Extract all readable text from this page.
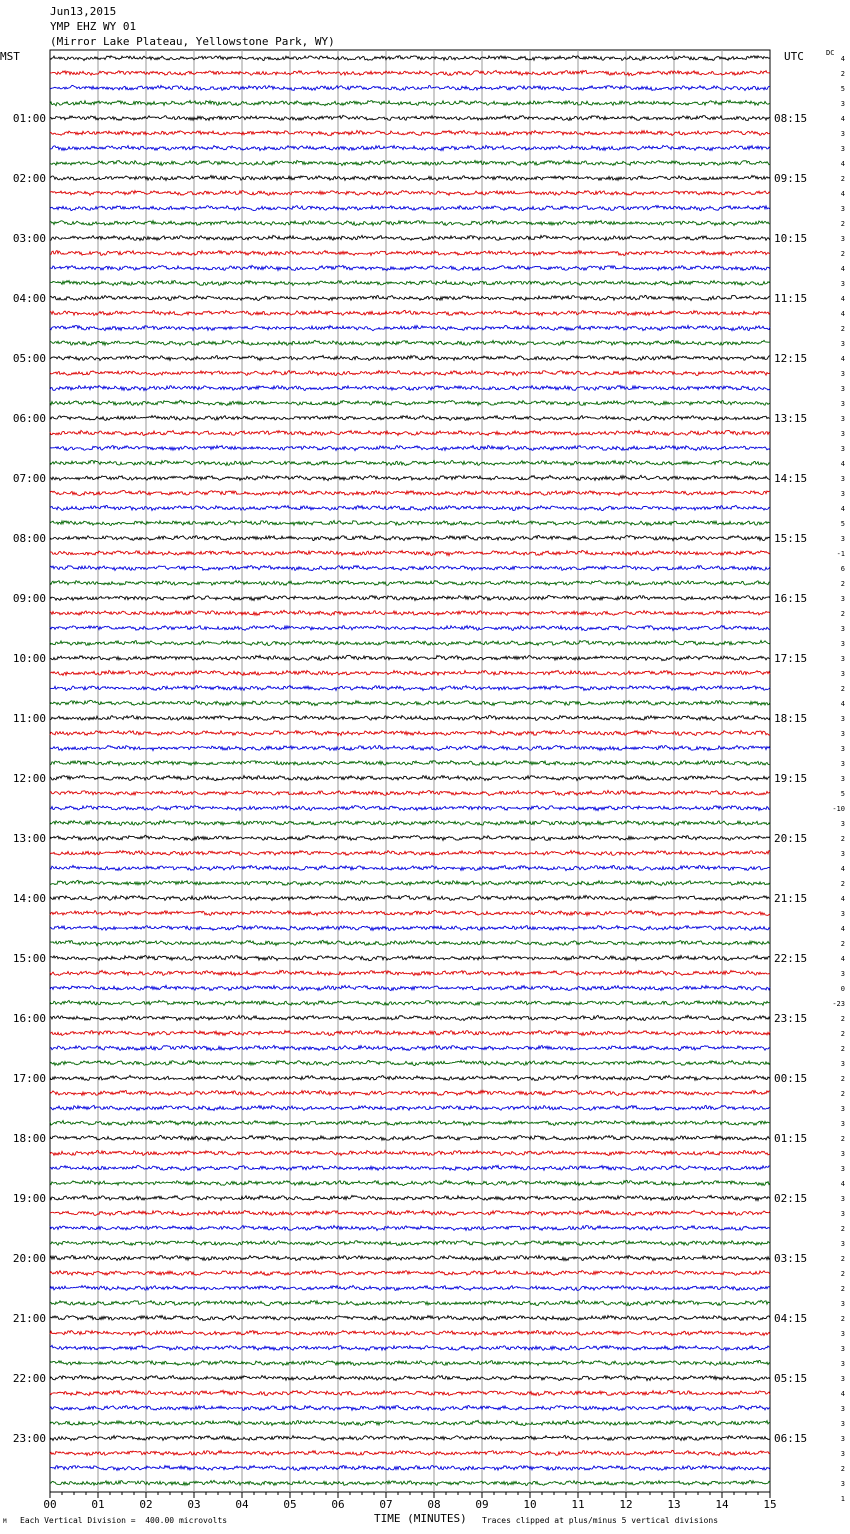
01:00
02:00
03:00
04:00
05:00
06:00
07:00
08:00
09:00
10:00
11:00
12:00
13:00
14:00
15:00
16:00
17:00
18:00
19:00
20:00
21:00
22:00
23:00
08:15
09:15
10:15
11:15
12:15
13:15
14:15
15:15
16:15
17:15
18:15
19:15
20:15
21:15
22:15
23:15
00:15
01:15
02:15
03:15
04:15
05:15
06:15
4
2
5
3
4
3
3
4
2
4
3
2
3
2
4
3
4
4
2
3
4
3
3
3
3
3
3
4
3
3
4
5
3
-1
6
2
3
2
3
3
3
3
2
4
3
3
3
3
3
5
-10
3
2
3
4
2
4
3
4
2
4
3
0
-23
2
2
2
3
2
2
3
3
2
3
3
4
3
3
2
3
2
2
2
3
2
3
3
3
3
4
3
3
3
3
2
3
1
00	01	02	03	04	05	06	07	08	09	10	11	12	13	14	15
Jun13,2015
YMP EHZ WY 01
(Mirror Lake Plateau, Yellowstone Park, WY)
MST	UTC	DC
M Each Vertical Division =  400.00 microvolts	TIME (MINUTES) Traces clipped at plus/minus 5 vertical divisions
